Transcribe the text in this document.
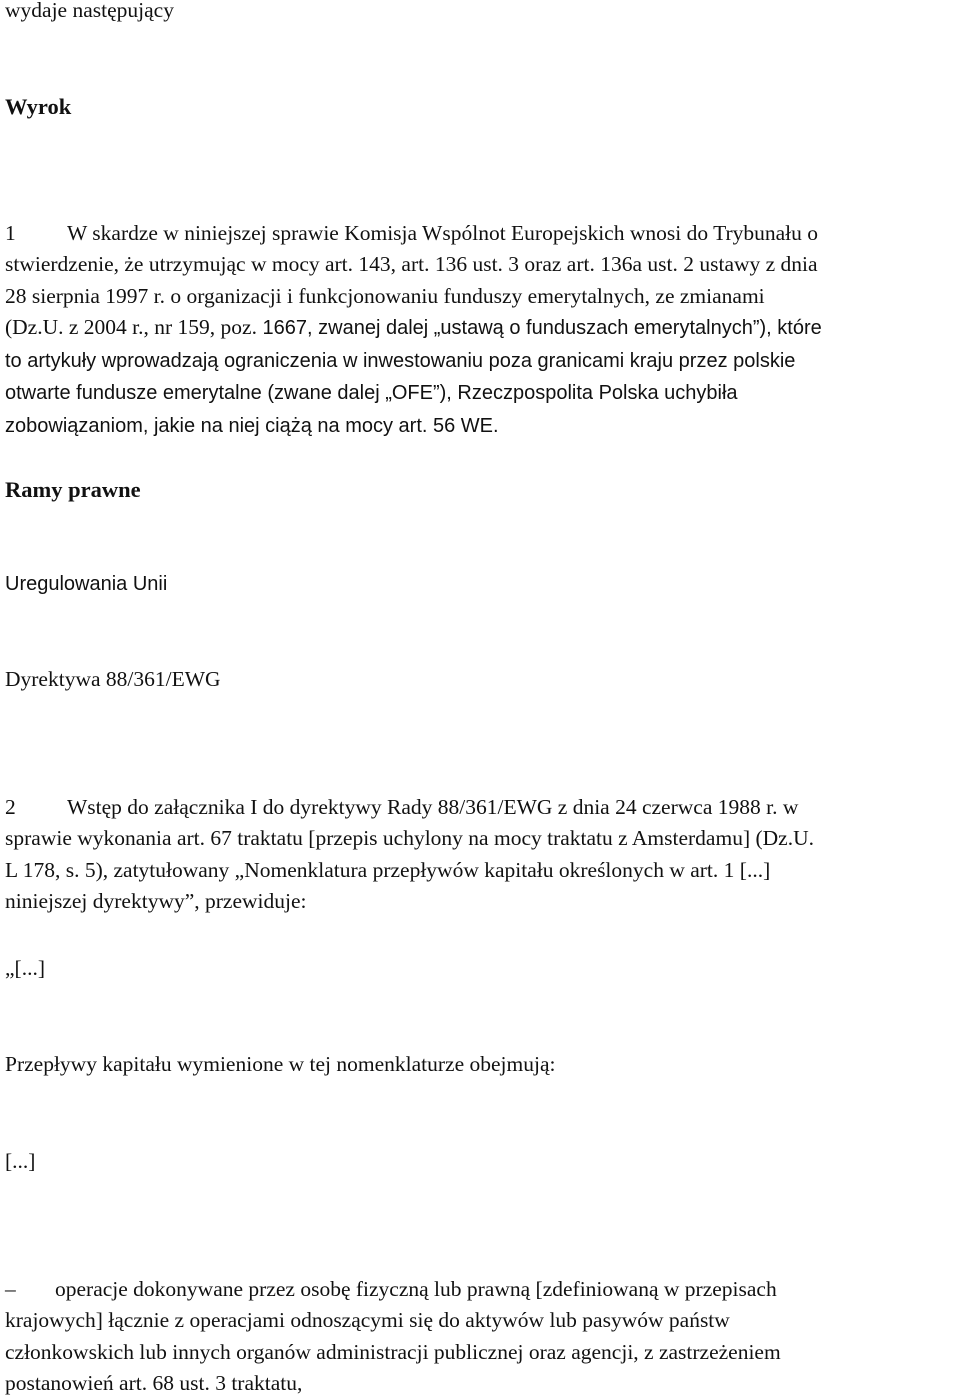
wydaje następujący

Wyrok

1 W skardze w niniejszej sprawie Komisja Wspólnot Europejskich wnosi do Trybunału o
stwierdzenie, że utrzymując w mocy art. 143, art. 136 ust. 3 oraz art. 136a ust. 2 ustawy z dnia
28 sierpnia 1997 r. o organizacji i funkcjonowaniu funduszy emerytalnych, ze zmianami
(Dz.U. z 2004 r., nr 159, poz. 1667, zwanej dalej „ustawą o funduszach emerytalnych”), które
to artykuły wprowadzają ograniczenia w inwestowaniu poza granicami kraju przez polskie
otwarte fundusze emerytalne (zwane dalej „OFE”), Rzeczpospolita Polska uchybiła
zobowiązaniom, jakie na niej ciążą na mocy art. 56 WE.

Ramy prawne

Uregulowania Unii

Dyrektywa 88/361/EWG

2 Wstęp do załącznika I do dyrektywy Rady 88/361/EWG z dnia 24 czerwca 1988 r. w
sprawie wykonania art. 67 traktatu [przepis uchylony na mocy traktatu z Amsterdamu] (Dz.U.
L 178, s. 5), zatytułowany „Nomenklatura przepływów kapitału określonych w art. 1 [...]
niniejszej dyrektywy”, przewiduje:

„[...]

Przepływy kapitału wymienione w tej nomenklaturze obejmują:

[...]

– operacje dokonywane przez osobę fizyczną lub prawną [zdefiniowaną w przepisach
krajowych] łącznie z operacjami odnoszącymi się do aktywów lub pasywów państw
członkowskich lub innych organów administracji publicznej oraz agencji, z zastrzeżeniem
postanowień art. 68 ust. 3 traktatu,
